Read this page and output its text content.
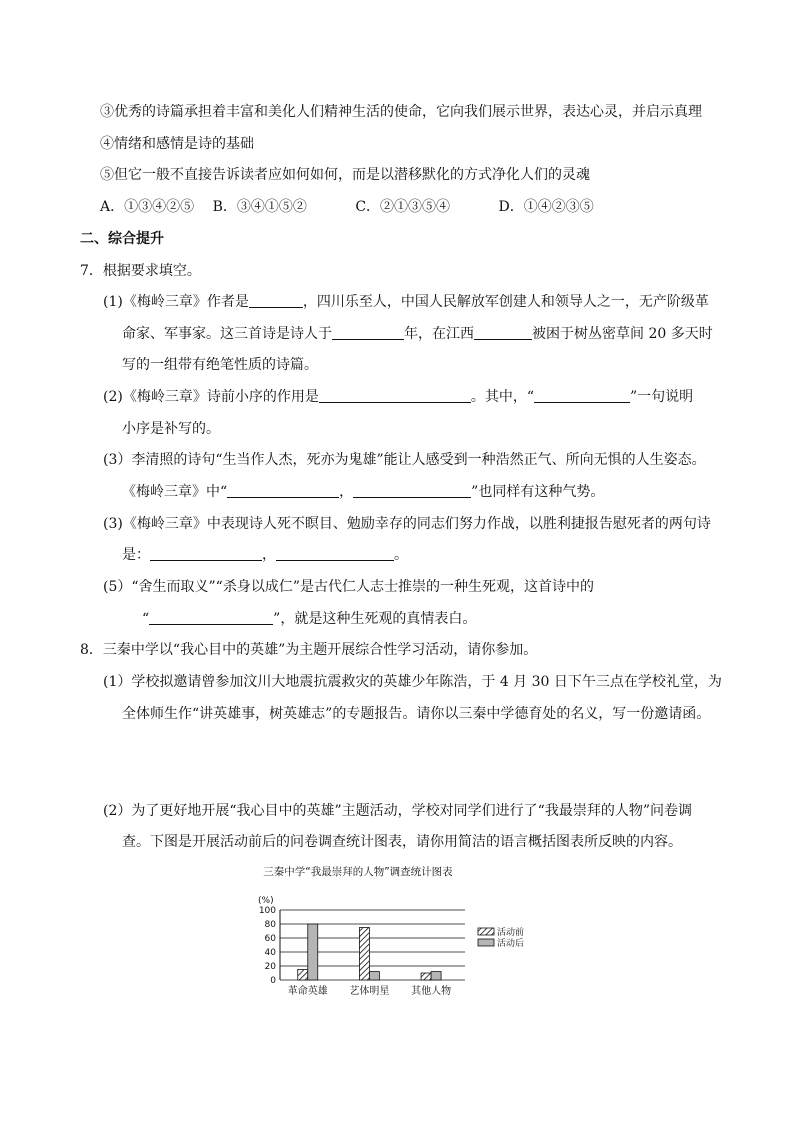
③优秀的诗篇承担着丰富和美化人们精神生活的使命，它向我们展示世界，表达心灵，并启示真理
④情绪和感情是诗的基础
⑤但它一般不直接告诉读者应如何如何，而是以潜移默化的方式净化人们的灵魂
A．①③④②⑤ B．③④①⑤②	C．②①③⑤④	D．①④②③⑤
二、综合提升
7．根据要求填空。
(1)《梅岭三章》作者是	，四川乐至人，中国人民解放军创建人和领导人之一，无产阶级革
命家、军事家。这三首诗是诗人于	年，在江西	被困于树丛密草间 20 多天时
写的一组带有绝笔性质的诗篇。
(2)《梅岭三章》诗前小序的作用是	。其中，“	”一句说明
小序是补写的。
(3）李清照的诗句“生当作人杰，死亦为鬼雄”能让人感受到一种浩然正气、所向无惧的人生姿态。
《梅岭三章》中“	，	”也同样有这种气势。
(3)《梅岭三章》中表现诗人死不瞑目、勉励幸存的同志们努力作战，以胜利捷报告慰死者的两句诗
是：	，	。
(5）“舍生而取义”“杀身以成仁”是古代仁人志士推崇的一种生死观，这首诗中的
“	”，就是这种生死观的真情表白。
8．三秦中学以“我心目中的英雄”为主题开展综合性学习活动，请你参加。
(1）学校拟邀请曾参加汶川大地震抗震救灾的英雄少年陈浩，于 4 月 30 日下午三点在学校礼堂，为
全体师生作“讲英雄事，树英雄志”的专题报告。请你以三秦中学德育处的名义，写一份邀请函。
(2）为了更好地开展“我心目中的英雄”主题活动，学校对同学们进行了“我最崇拜的人物”问卷调
查。下图是开展活动前后的问卷调查统计图表，请你用简洁的语言概括图表所反映的内容。
三秦中学“我最崇拜的人物”调查统计图表
(%)
0
20
40
60
80
100
革命英雄 艺体明星 其他人物
活动前
活动后
